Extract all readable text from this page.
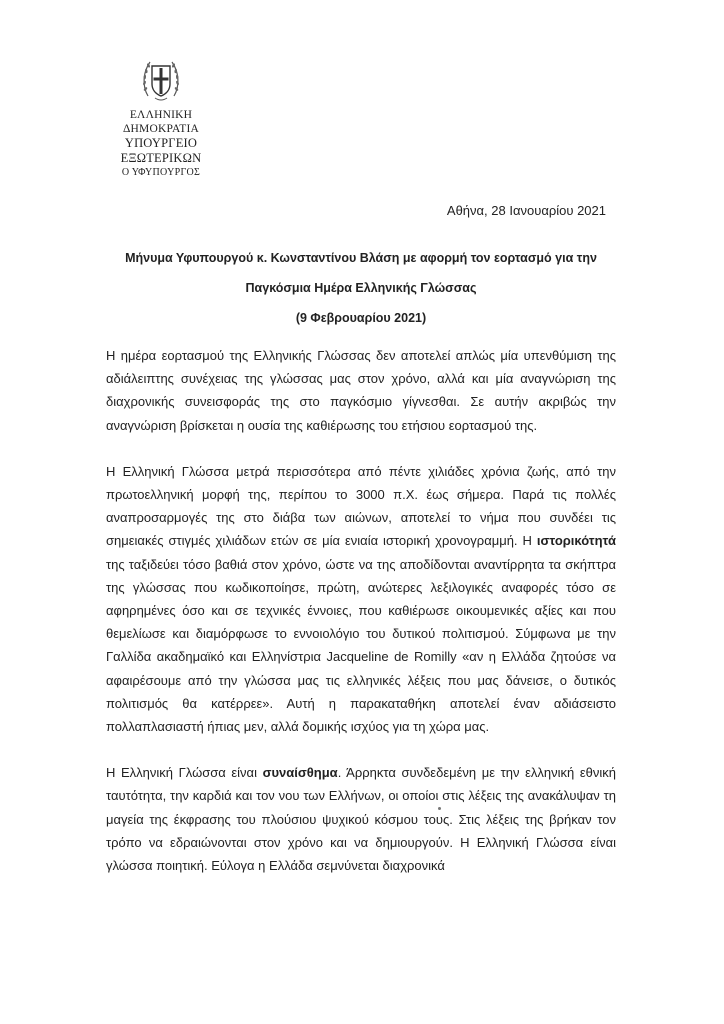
ΕΛΛΗΝΙΚΗ ΔΗΜΟΚΡΑΤΙΑ
ΥΠΟΥΡΓΕΙΟ ΕΞΩΤΕΡΙΚΩΝ
Ο ΥΦΥΠΟΥΡΓΟΣ
Αθήνα, 28 Ιανουαρίου 2021
Μήνυμα Υφυπουργού κ. Κωνσταντίνου Βλάση με αφορμή τον εορτασμό για την
Παγκόσμια Ημέρα Ελληνικής Γλώσσας
(9 Φεβρουαρίου 2021)

Η ημέρα εορτασμού της Ελληνικής Γλώσσας δεν αποτελεί απλώς μία υπενθύμιση της αδιάλειπτης συνέχειας της γλώσσας μας στον χρόνο, αλλά και μία αναγνώριση της διαχρονικής συνεισφοράς της στο παγκόσμιο γίγνεσθαι. Σε αυτήν ακριβώς την αναγνώριση βρίσκεται η ουσία της καθιέρωσης του ετήσιου εορτασμού της.

Η Ελληνική Γλώσσα μετρά περισσότερα από πέντε χιλιάδες χρόνια ζωής, από την πρωτοελληνική μορφή της, περίπου το 3000 π.Χ. έως σήμερα. Παρά τις πολλές αναπροσαρμογές της στο διάβα των αιώνων, αποτελεί το νήμα που συνδέει τις σημειακές στιγμές χιλιάδων ετών σε μία ενιαία ιστορική χρονογραμμή. Η ιστορικότητά της ταξιδεύει τόσο βαθιά στον χρόνο, ώστε να της αποδίδονται αναντίρρητα τα σκήπτρα της γλώσσας που κωδικοποίησε, πρώτη, ανώτερες λεξιλογικές αναφορές τόσο σε αφηρημένες όσο και σε τεχνικές έννοιες, που καθιέρωσε οικουμενικές αξίες και που θεμελίωσε και διαμόρφωσε το εννοιολόγιο του δυτικού πολιτισμού. Σύμφωνα με την Γαλλίδα ακαδημαϊκό και Ελληνίστρια Jacqueline de Romilly «αν η Ελλάδα ζητούσε να αφαιρέσουμε από την γλώσσα μας τις ελληνικές λέξεις που μας δάνεισε, ο δυτικός πολιτισμός θα κατέρρεε». Αυτή η παρακαταθήκη αποτελεί έναν αδιάσειστο πολλαπλασιαστή ήπιας μεν, αλλά δομικής ισχύος για τη χώρα μας.

Η Ελληνική Γλώσσα είναι συναίσθημα. Άρρηκτα συνδεδεμένη με την ελληνική εθνική ταυτότητα, την καρδιά και τον νου των Ελλήνων, οι οποίοι στις λέξεις της ανακάλυψαν τη μαγεία της έκφρασης του πλούσιου ψυχικού κόσμου τους. Στις λέξεις της βρήκαν τον τρόπο να εδραιώνονται στον χρόνο και να δημιουργούν. Η Ελληνική Γλώσσα είναι γλώσσα ποιητική. Εύλογα η Ελλάδα σεμνύνεται διαχρονικά
